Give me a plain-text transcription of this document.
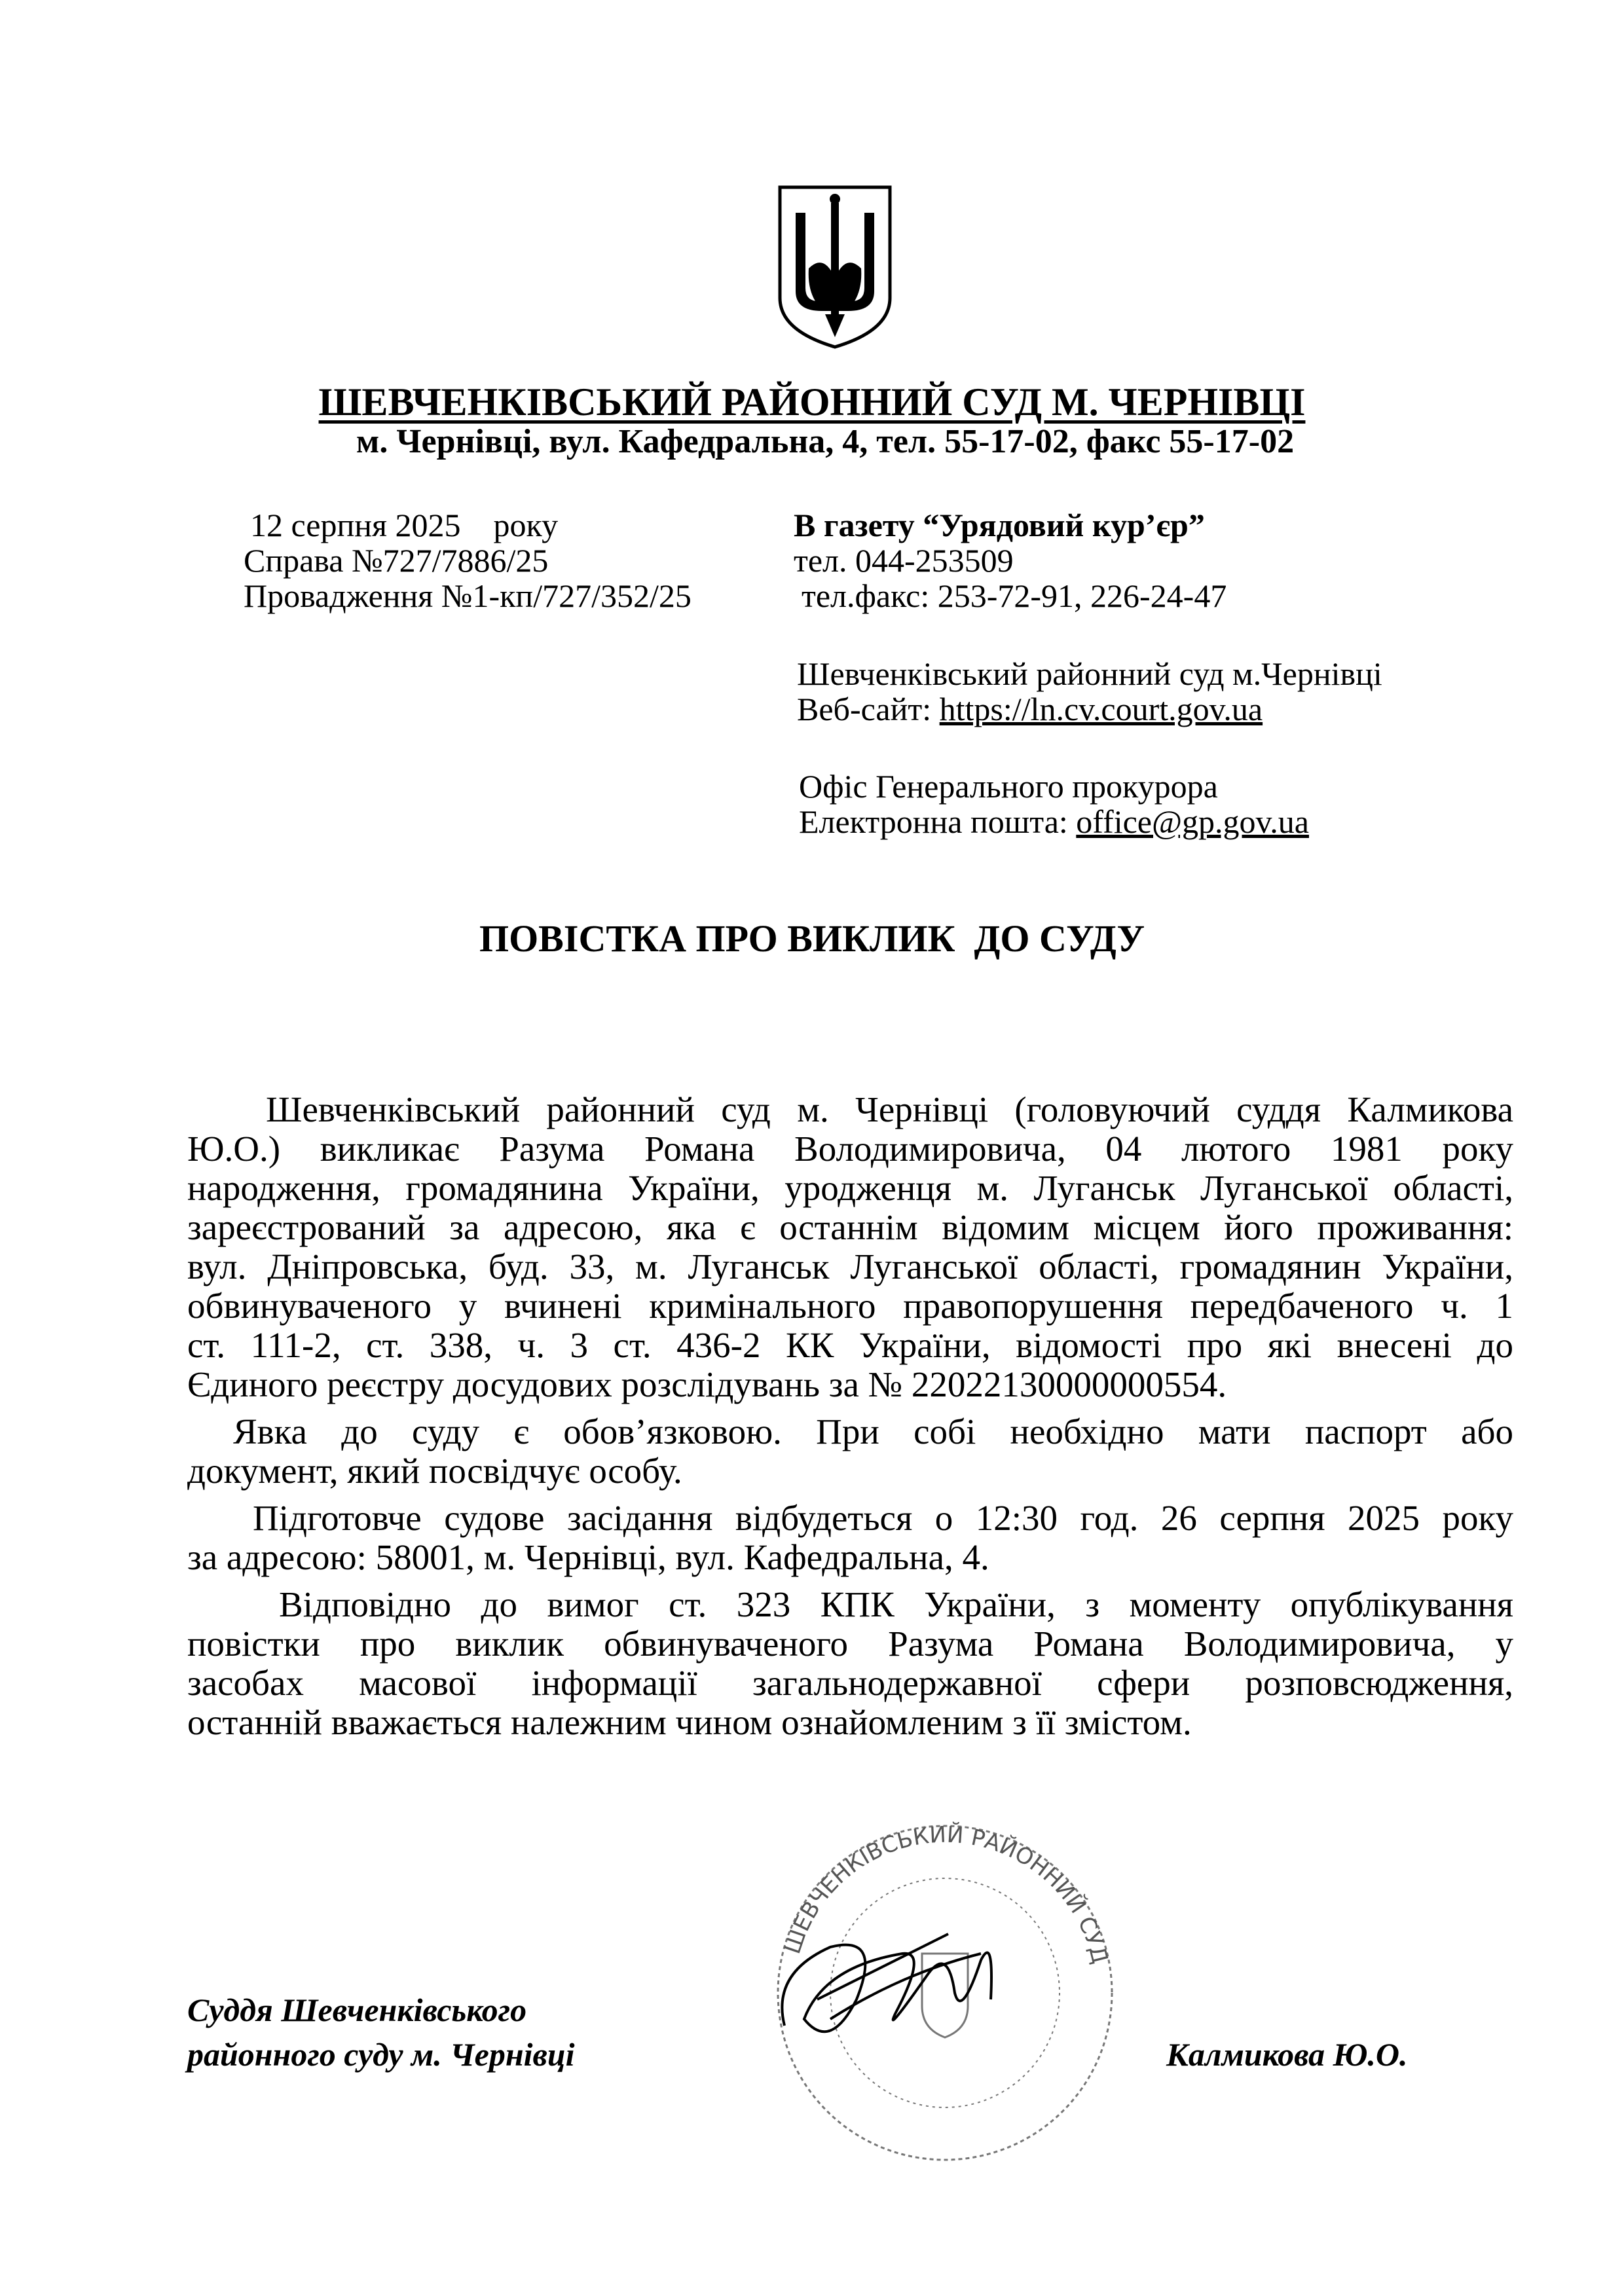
ШЕВЧЕНКІВСЬКИЙ РАЙОННИЙ СУД М. ЧЕРНІВЦІ
м. Чернівці, вул. Кафедральна, 4, тел. 55-17-02, факс 55-17-02
12 серпня 2025    року
Справа №727/7886/25
Провадження №1-кп/727/352/25
В газету “Урядовий кур’єр”
тел. 044-253509
тел.факс: 253-72-91, 226-24-47
Шевченківський районний суд м.Чернівці
Веб-сайт: https://ln.cv.court.gov.ua
Офіс Генерального прокурора
Електронна пошта: office@gp.gov.ua
ПОВІСТКА ПРО ВИКЛИК  ДО СУДУ
Шевченківський районний суд м. Чернівці (головуючий суддя Калмикова
Ю.О.) викликає Разума Романа Володимировича, 04 лютого 1981 року
народження, громадянина України, уродженця м. Луганськ Луганської області,
зареєстрований за адресою, яка є останнім відомим місцем його проживання:
вул. Дніпровська, буд. 33, м. Луганськ Луганської області, громадянин України,
обвинуваченого у вчинені кримінального правопорушення передбаченого ч. 1
ст. 111-2, ст. 338, ч. 3 ст. 436-2 КК України, відомості про які внесені до
Єдиного реєстру досудових розслідувань за № 22022130000000554.
Явка до суду є обов’язковою. При собі необхідно мати паспорт або
документ, який посвідчує особу.
Підготовче судове засідання відбудеться о 12:30 год. 26 серпня 2025 року
за адресою: 58001, м. Чернівці, вул. Кафедральна, 4.
Відповідно до вимог ст. 323 КПК України, з моменту опублікування
повістки про виклик обвинуваченого Разума Романа Володимировича, у
засобах масової інформації загальнодержавної сфери розповсюдження,
останній вважається належним чином ознайомленим з її змістом.
Суддя Шевченківського
районного суду м. Чернівці
ШЕВЧЕНКІВСЬКИЙ РАЙОННИЙ СУД
Калмикова Ю.О.
